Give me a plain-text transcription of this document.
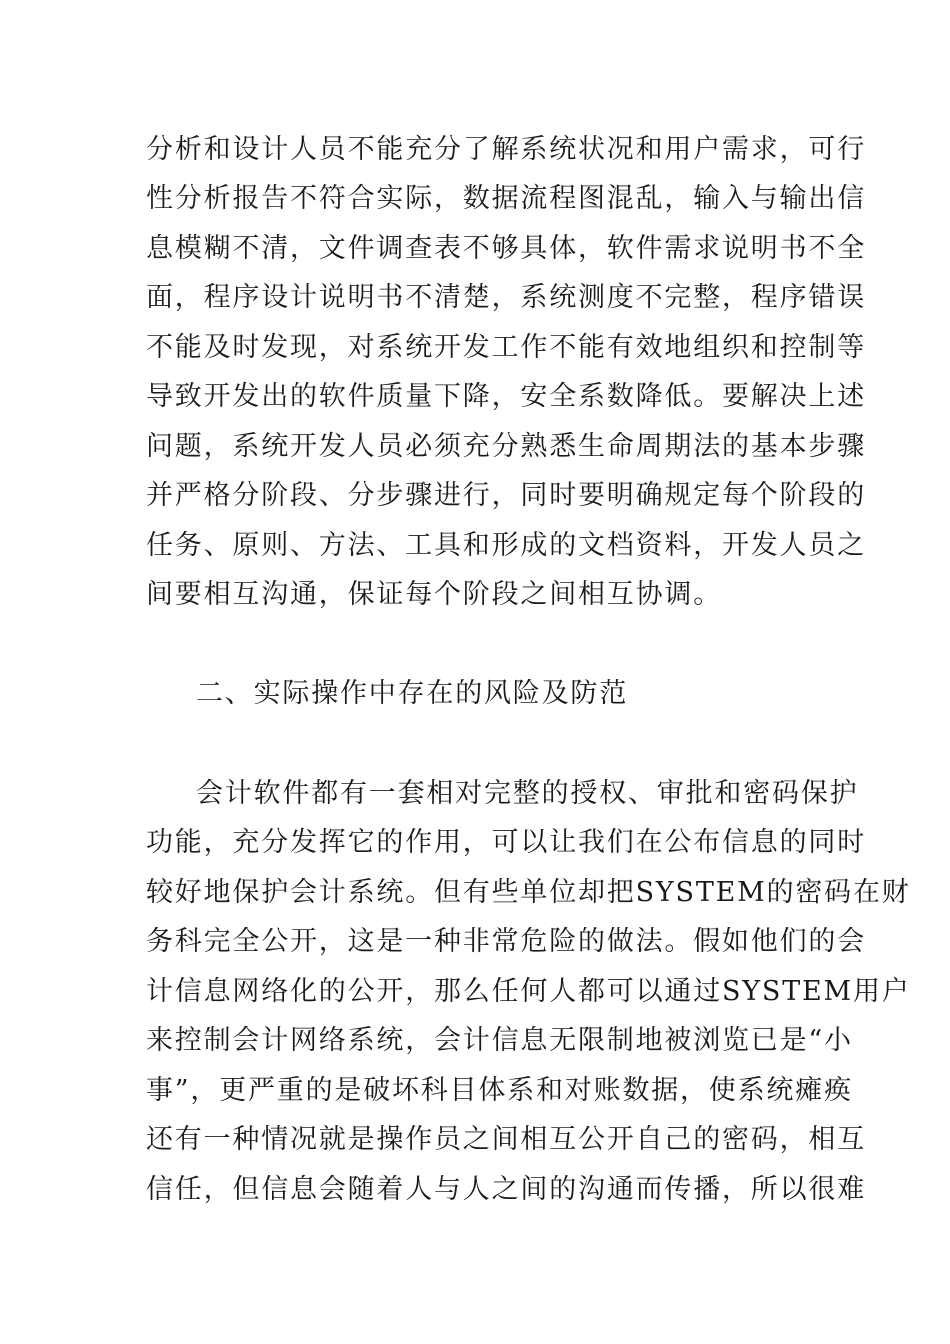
分析和设计人员不能充分了解系统状况和用户需求，可行
性分析报告不符合实际，数据流程图混乱，输入与输出信
息模糊不清，文件调查表不够具体，软件需求说明书不全
面，程序设计说明书不清楚，系统测度不完整，程序错误
不能及时发现，对系统开发工作不能有效地组织和控制等
导致开发出的软件质量下降，安全系数降低。要解决上述
问题，系统开发人员必须充分熟悉生命周期法的基本步骤
并严格分阶段、分步骤进行，同时要明确规定每个阶段的
任务、原则、方法、工具和形成的文档资料，开发人员之
间要相互沟通，保证每个阶段之间相互协调。
二、实际操作中存在的风险及防范
会计软件都有一套相对完整的授权、审批和密码保护
功能，充分发挥它的作用，可以让我们在公布信息的同时
较好地保护会计系统。但有些单位却把SYSTEM的密码在财
务科完全公开，这是一种非常危险的做法。假如他们的会
计信息网络化的公开，那么任何人都可以通过SYSTEM用户
来控制会计网络系统，会计信息无限制地被浏览已是“小
事”，更严重的是破坏科目体系和对账数据，使系统瘫痪
还有一种情况就是操作员之间相互公开自己的密码，相互
信任，但信息会随着人与人之间的沟通而传播，所以很难
